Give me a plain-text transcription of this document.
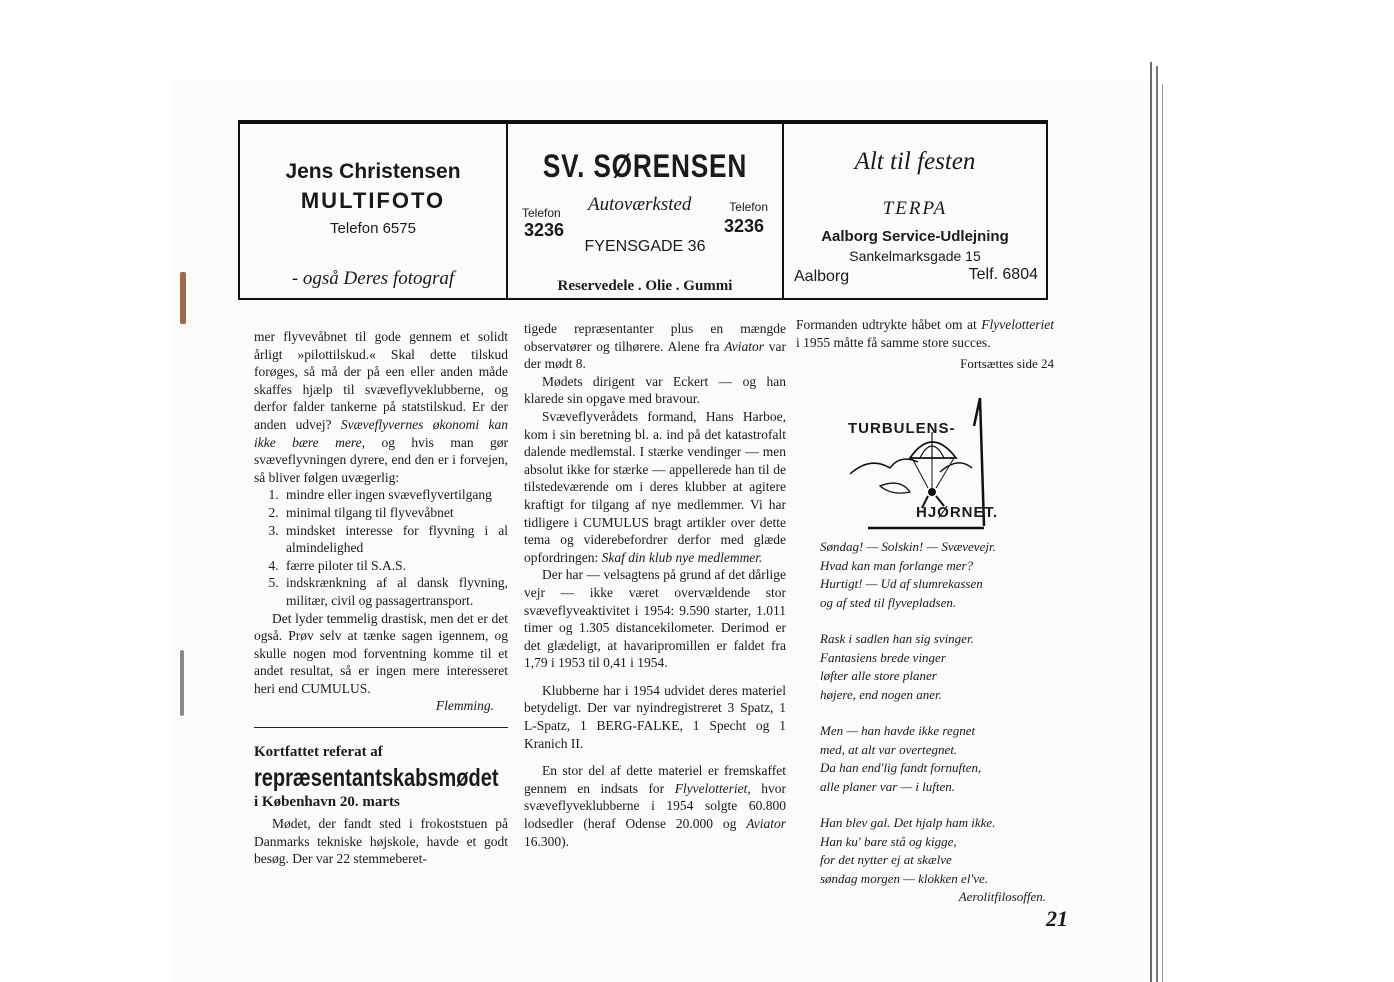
Jens Christensen
MULTIFOTO
Telefon 6575
- også Deres fotograf
SV. SØRENSEN
Telefon
3236
Autoværksted	Telefon
3236
FYENSGADE 36
Reservedele . Olie . Gummi
Alt til festen
TERPA
Aalborg Service-Udlejning
Sankelmarksgade 15
Aalborg	Telf. 6804

mer flyvevåbnet til gode gennem et solidt årligt »pilottilskud.« Skal dette tilskud forøges, så må der på een eller anden måde skaffes hjælp til svæveflyveklubberne, og derfor falder tankerne på statstilskud. Er der anden udvej? Svæveflyvernes økonomi kan ikke bære mere, og hvis man gør svæveflyvningen dyrere, end den er i forvejen, så bliver følgen uvægerlig:

1. mindre eller ingen svæveflyvertilgang
2. minimal tilgang til flyvevåbnet
3. mindsket interesse for flyvning i al almindelighed
4. færre piloter til S.A.S.
5. indskrænkning af al dansk flyvning, militær, civil og passagertransport.

Det lyder temmelig drastisk, men det er det også. Prøv selv at tænke sagen igennem, og skulle nogen mod forventning komme til et andet resultat, så er ingen mere interesseret heri end CUMULUS.

Flemming.
Kortfattet referat af
repræsentantskabsmødet
i København 20. marts

Mødet, der fandt sted i frokoststuen på Danmarks tekniske højskole, havde et godt besøg. Der var 22 stemmeberet-

tigede repræsentanter plus en mængde observatører og tilhørere. Alene fra Aviator var der mødt 8.

Mødets dirigent var Eckert — og han klarede sin opgave med bravour.

Svæveflyverådets formand, Hans Harboe, kom i sin beretning bl. a. ind på det katastrofalt dalende medlemstal. I stærke vendinger — men absolut ikke for stærke — appellerede han til de tilstedeværende om i deres klubber at agitere kraftigt for tilgang af nye medlemmer. Vi har tidligere i CUMULUS bragt artikler over dette tema og viderebefordrer derfor med glæde opfordringen: Skaf din klub nye medlemmer.

Der har — velsagtens på grund af det dårlige vejr — ikke været overvældende stor svæveflyveaktivitet i 1954: 9.590 starter, 1.011 timer og 1.305 distancekilometer. Derimod er det glædeligt, at havaripromillen er faldet fra 1,79 i 1953 til 0,41 i 1954.

Klubberne har i 1954 udvidet deres materiel betydeligt. Der var nyindregistreret 3 Spatz, 1 L-Spatz, 1 BERG-FALKE, 1 Specht og 1 Kranich II.

En stor del af dette materiel er fremskaffet gennem en indsats for Flyvelotteriet, hvor svæveflyveklubberne i 1954 solgte 60.800 lodsedler (heraf Odense 20.000 og Aviator 16.300).

Formanden udtrykte håbet om at Flyvelotteriet i 1955 måtte få samme store succes.

Fortsættes side 24
TURBULENS-
HJØRNET.
Søndag! — Solskin! — Svævevejr.
Hvad kan man forlange mer?
Hurtigt! — Ud af slumrekassen
og af sted til flyvepladsen.
Rask i sadlen han sig svinger.
Fantasiens brede vinger
løfter alle store planer
højere, end nogen aner.
Men — han havde ikke regnet
med, at alt var overtegnet.
Da han end'lig fandt fornuften,
alle planer var — i luften.
Han blev gal. Det hjalp ham ikke.
Han ku' bare stå og kigge,
for det nytter ej at skælve
søndag morgen — klokken el've.
Aerolitfilosoffen.
21
